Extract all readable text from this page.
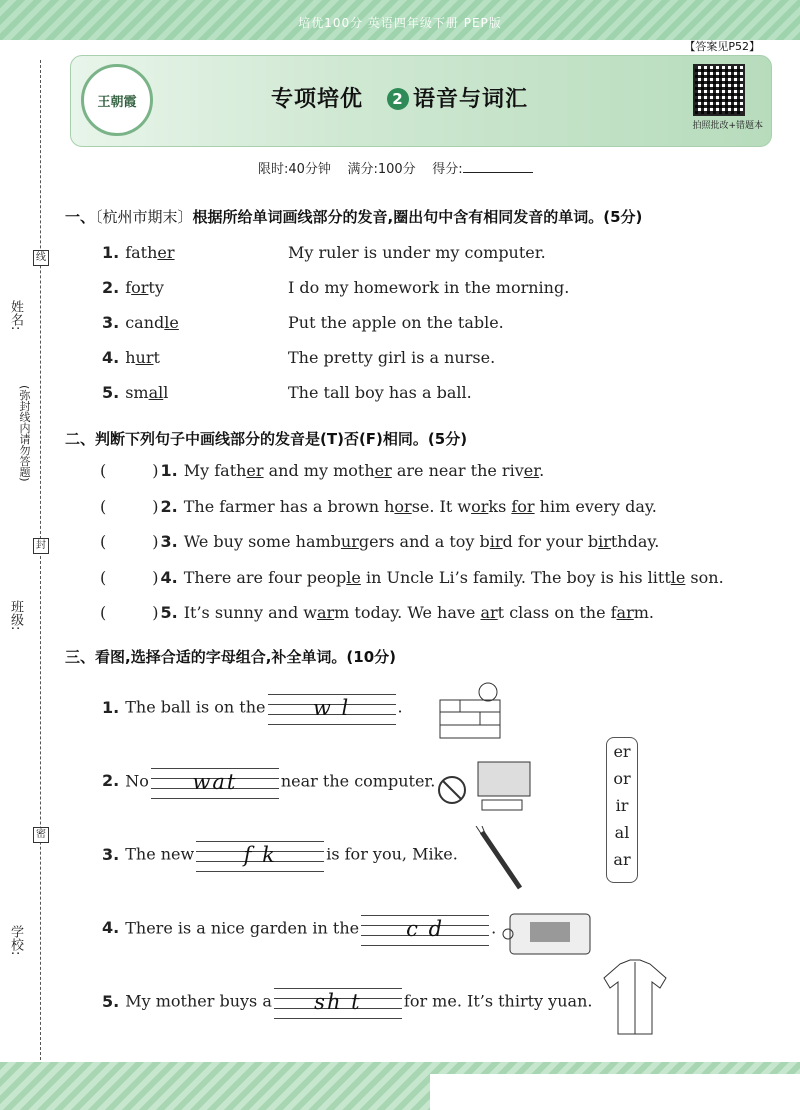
培优100分 英语四年级下册 PEP版
【答案见P52】
王朝霞	专项培优 2 语音与词汇
拍照批改+错题本
限时:40分钟 满分:100分 得分:
姓名:
班级:
学校:
(弥封线内请勿答题)
线
封
密
一、〔杭州市期末〕根据所给单词画线部分的发音,圈出句中含有相同发音的单词。(5分)
1. father	My ruler is under my computer.
2. forty	I do my homework in the morning.
3. candle	Put the apple on the table.
4. hurt	The pretty girl is a nurse.
5. small	The tall boy has a ball.
二、判断下列句子中画线部分的发音是(T)否(F)相同。(5分)
(	) 1. My father and my mother are near the river.
(	) 2. The farmer has a brown horse. It works for him every day.
(	) 3. We buy some hamburgers and a toy bird for your birthday.
(	) 4. There are four people in Uncle Li’s family. The boy is his little son.
(	) 5. It’s sunny and warm today. We have art class on the farm.
三、看图,选择合适的字母组合,补全单词。(10分)
1. The ball is on the	w l	.
2. No	wat	near the computer.
3. The new	f k	is for you, Mike.
4. There is a nice garden in the	c d	.
5. My mother buys a	sh t	for me. It’s thirty yuan.
er
or
ir
al
ar
